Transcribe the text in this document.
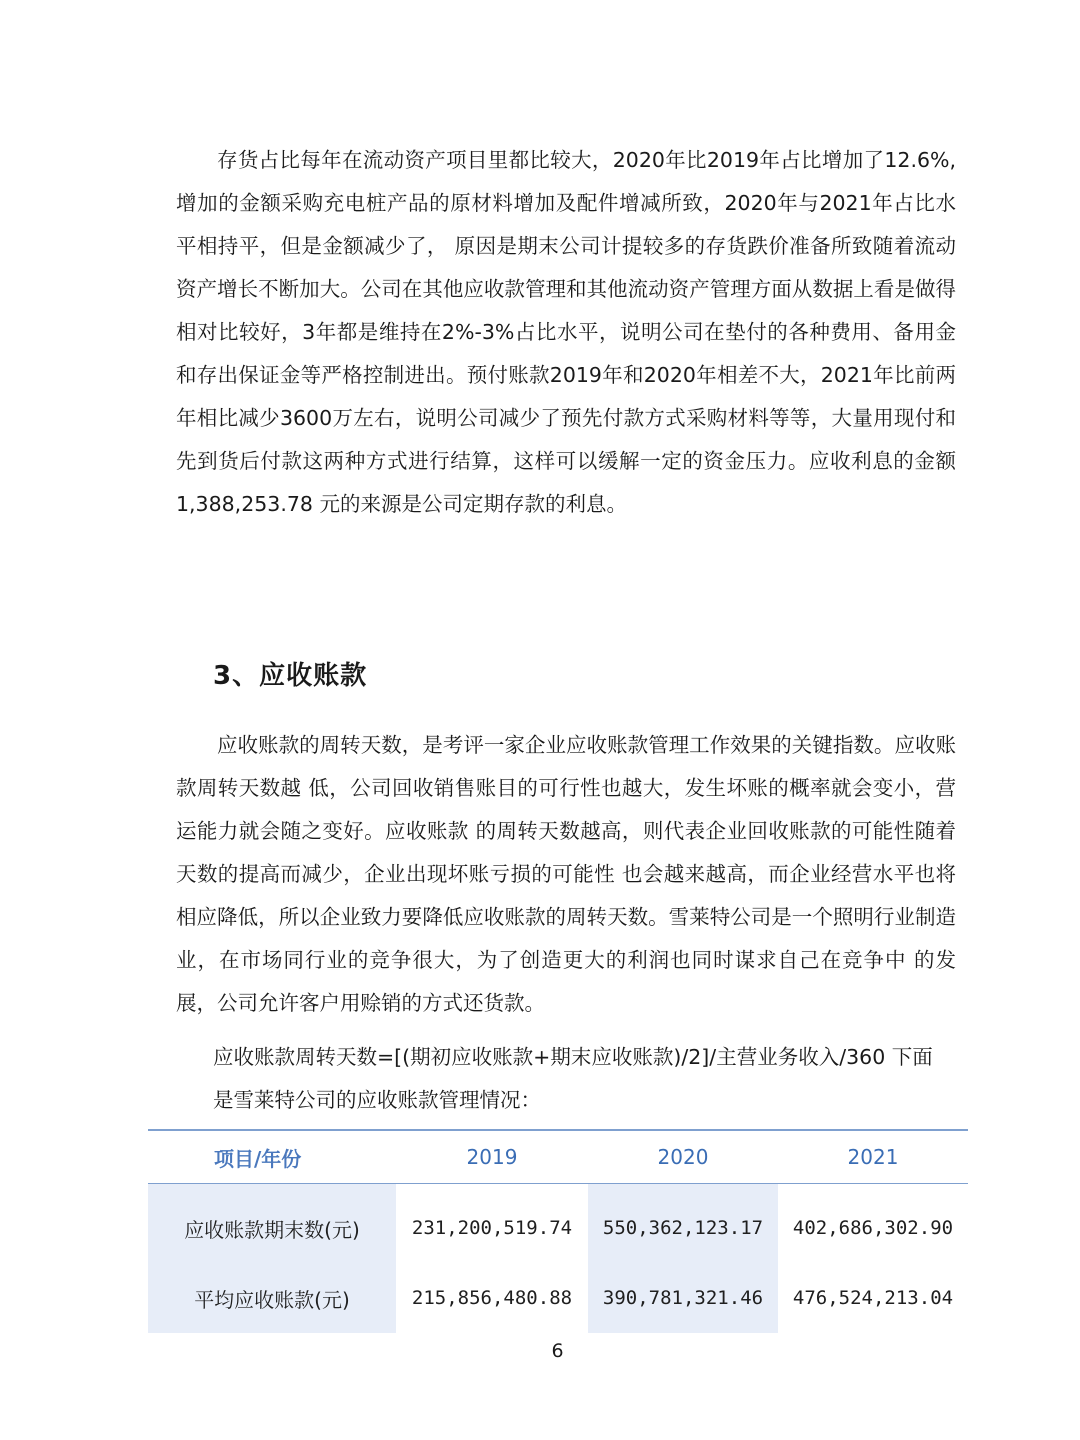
存货占比每年在流动资产项目里都比较大，2020年比2019年占比增加了12.6%,增加的金额采购充电桩产品的原材料增加及配件增减所致，2020年与2021年占比水平相持平，但是金额减少了， 原因是期末公司计提较多的存货跌价准备所致随着流动资产增长不断加大。公司在其他应收款管理和其他流动资产管理方面从数据上看是做得相对比较好，3年都是维持在2%-3%占比水平，说明公司在垫付的各种费用、备用金和存出保证金等严格控制进出。预付账款2019年和2020年相差不大，2021年比前两年相比减少3600万左右，说明公司减少了预先付款方式采购材料等等，大量用现付和先到货后付款这两种方式进行结算，这样可以缓解一定的资金压力。应收利息的金额1,388,253.78 元的来源是公司定期存款的利息。

3、应收账款

应收账款的周转天数，是考评一家企业应收账款管理工作效果的关键指数。应收账款周转天数越 低，公司回收销售账目的可行性也越大，发生坏账的概率就会变小，营运能力就会随之变好。应收账款 的周转天数越高，则代表企业回收账款的可能性随着天数的提高而减少，企业出现坏账亏损的可能性 也会越来越高，而企业经营水平也将相应降低，所以企业致力要降低应收账款的周转天数。雪莱特公司是一个照明行业制造业，在市场同行业的竞争很大，为了创造更大的利润也同时谋求自己在竞争中 的发展，公司允许客户用赊销的方式还货款。

应收账款周转天数=[(期初应收账款+期末应收账款)/2]/主营业务收入/360 下面是雪莱特公司的应收账款管理情况：

项目/年份	2019	2020	2021
应收账款期末数(元)	231,200,519.74	550,362,123.17	402,686,302.90
平均应收账款(元)	215,856,480.88	390,781,321.46	476,524,213.04
6
